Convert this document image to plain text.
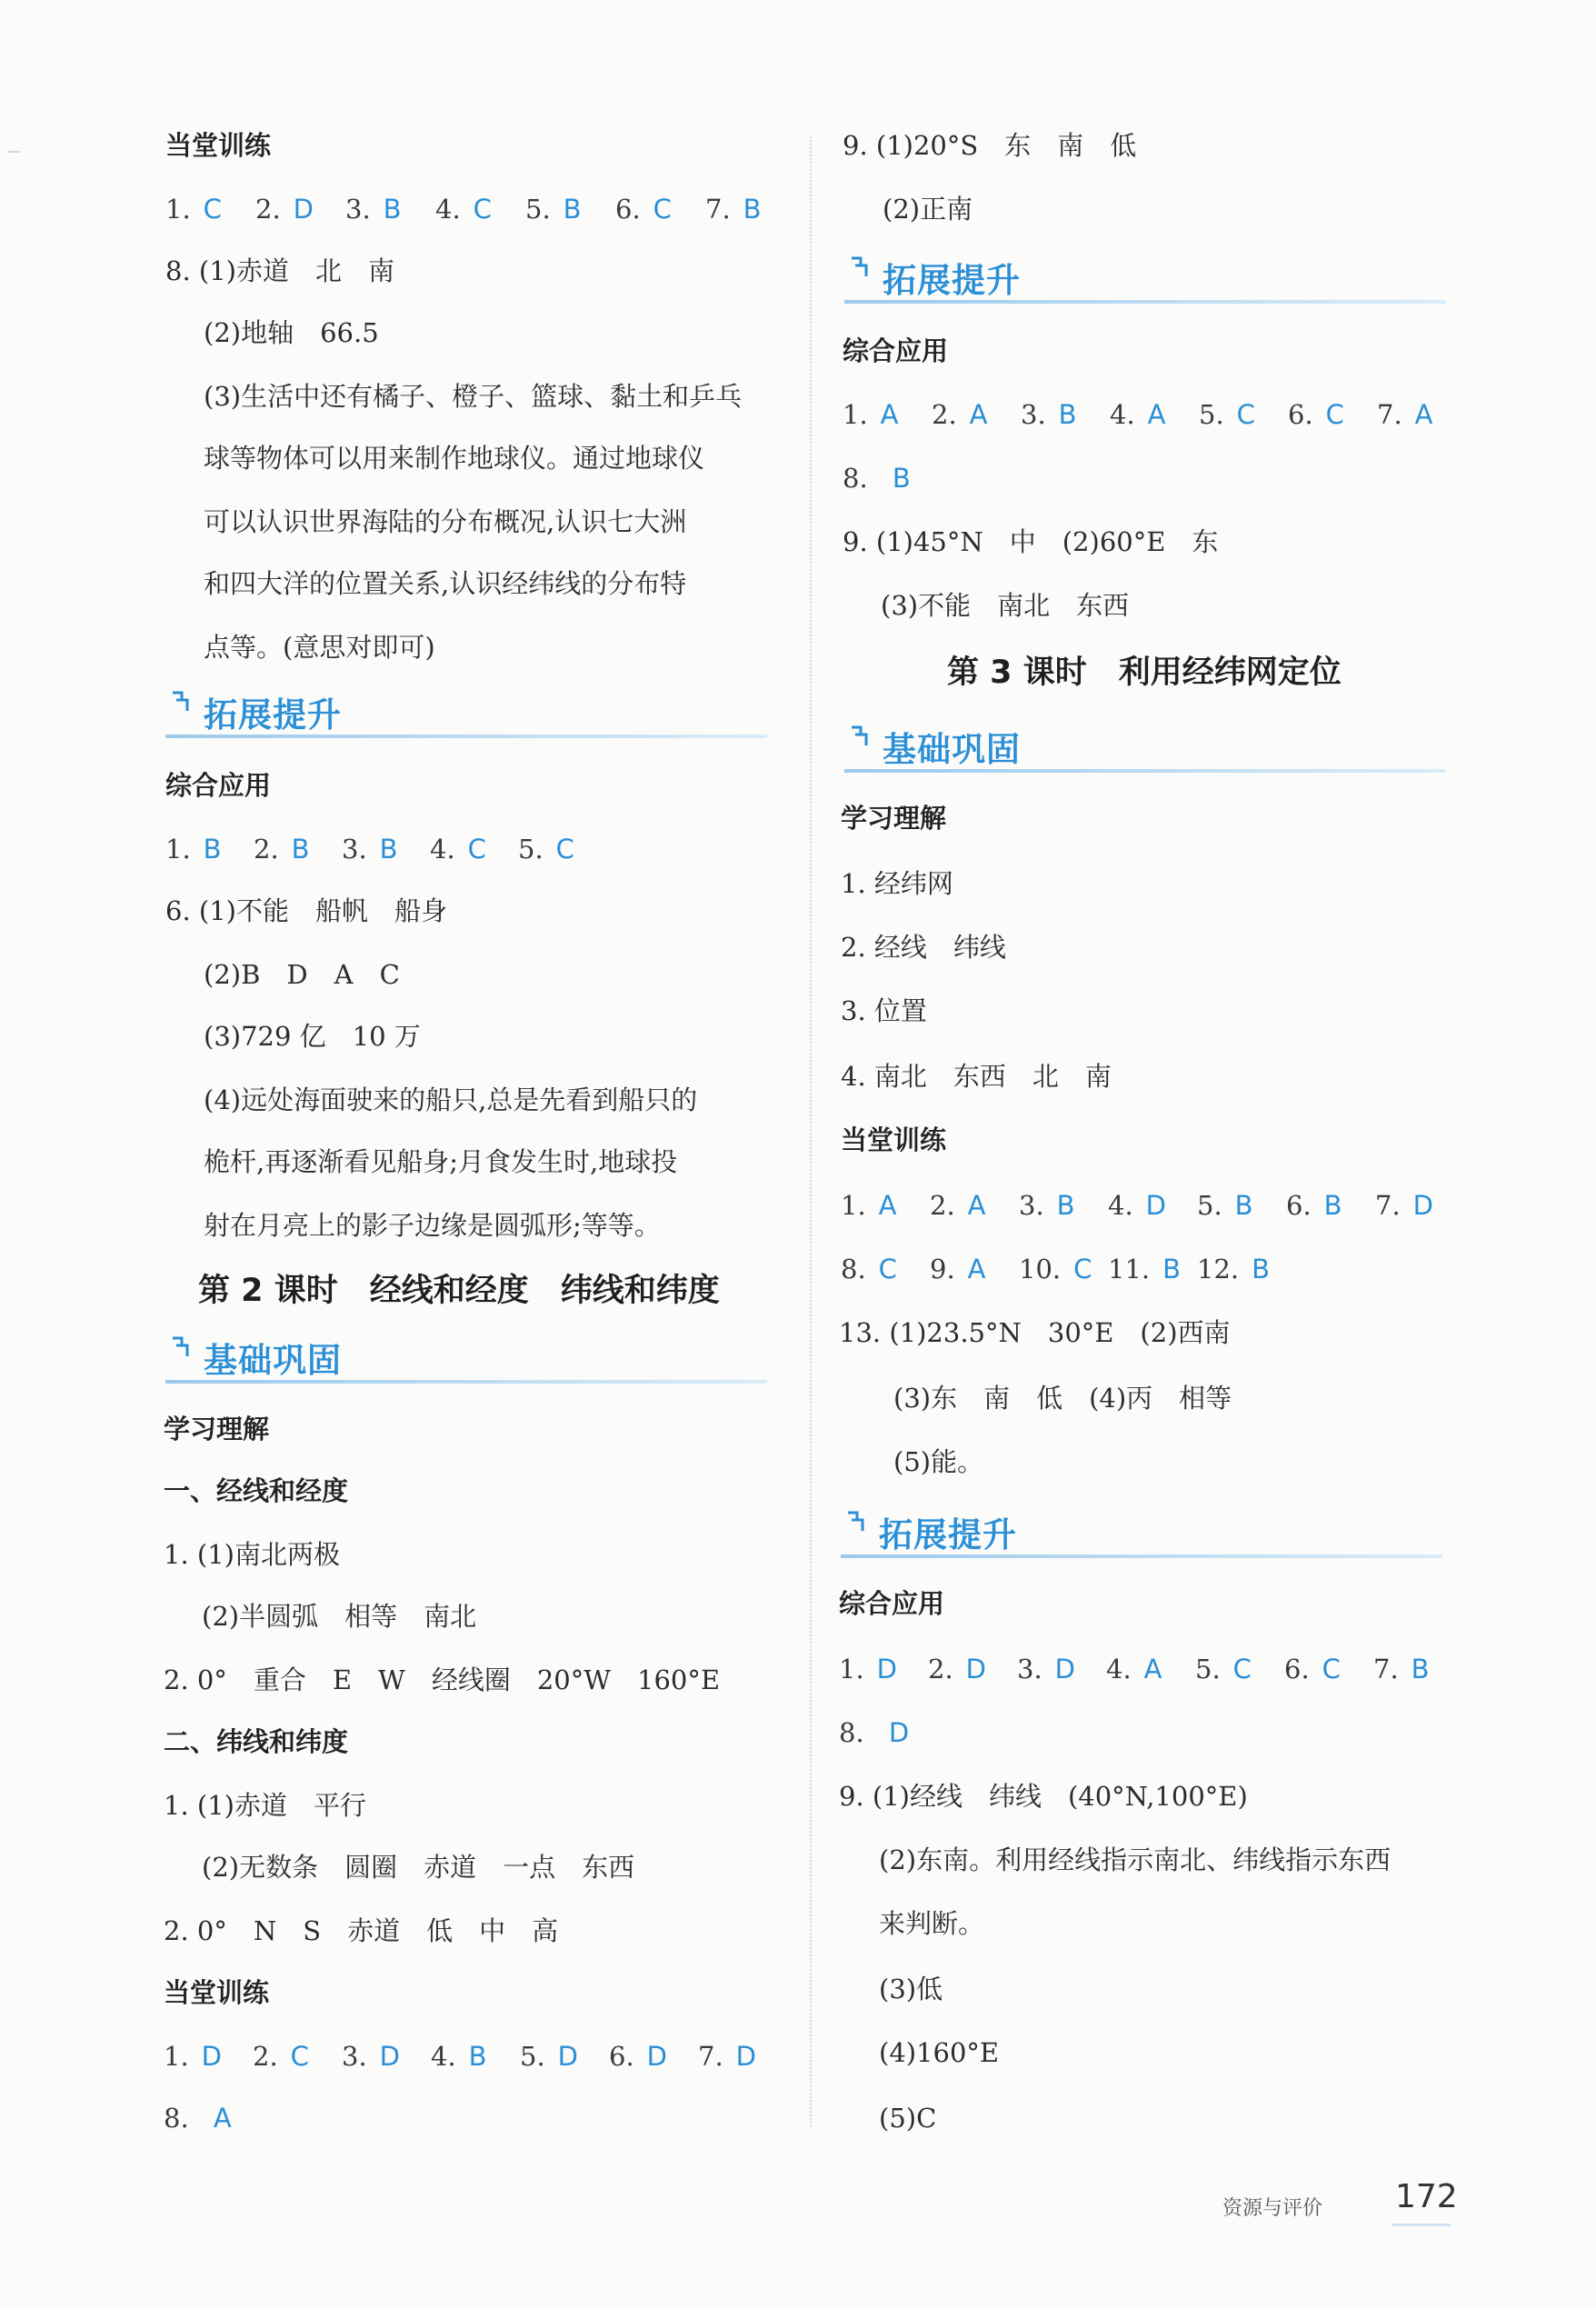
当堂训练
1. C 2. D 3. B 4. C 5. B 6. C 7. B
8. (1)赤道　北　南
(2)地轴　66.5
(3)生活中还有橘子、橙子、篮球、黏土和乒乓
球等物体可以用来制作地球仪。通过地球仪
可以认识世界海陆的分布概况,认识七大洲
和四大洋的位置关系,认识经纬线的分布特
点等。(意思对即可)
拓展提升
综合应用
1. B 2. B 3. B 4. C 5. C
6. (1)不能　船帆　船身
(2)B　D　A　C
(3)729 亿　10 万
(4)远处海面驶来的船只,总是先看到船只的
桅杆,再逐渐看见船身;月食发生时,地球投
射在月亮上的影子边缘是圆弧形;等等。
第 2 课时　经线和经度　纬线和纬度
基础巩固
学习理解
一、经线和经度
1. (1)南北两极
(2)半圆弧　相等　南北
2. 0°　重合　E　W　经线圈　20°W　160°E
二、纬线和纬度
1. (1)赤道　平行
(2)无数条　圆圈　赤道　一点　东西
2. 0°　N　S　赤道　低　中　高
当堂训练
1. D 2. C 3. D 4. B 5. D 6. D 7. D
8. A
9. (1)20°S　东　南　低
(2)正南
拓展提升
综合应用
1. A 2. A 3. B 4. A 5. C 6. C 7. A
8. B
9. (1)45°N　中　(2)60°E　东
(3)不能　南北　东西
第 3 课时　利用经纬网定位
基础巩固
学习理解
1. 经纬网
2. 经线　纬线
3. 位置
4. 南北　东西　北　南
当堂训练
1. A 2. A 3. B 4. D 5. B 6. B 7. D
8. C 9. A 10. C 11. B 12. B
13. (1)23.5°N　30°E　(2)西南
(3)东　南　低　(4)丙　相等
(5)能。
拓展提升
综合应用
1. D 2. D 3. D 4. A 5. C 6. C 7. B
8. D
9. (1)经线　纬线　(40°N,100°E)
(2)东南。利用经线指示南北、纬线指示东西
来判断。
(3)低
(4)160°E
(5)C
资源与评价 172
